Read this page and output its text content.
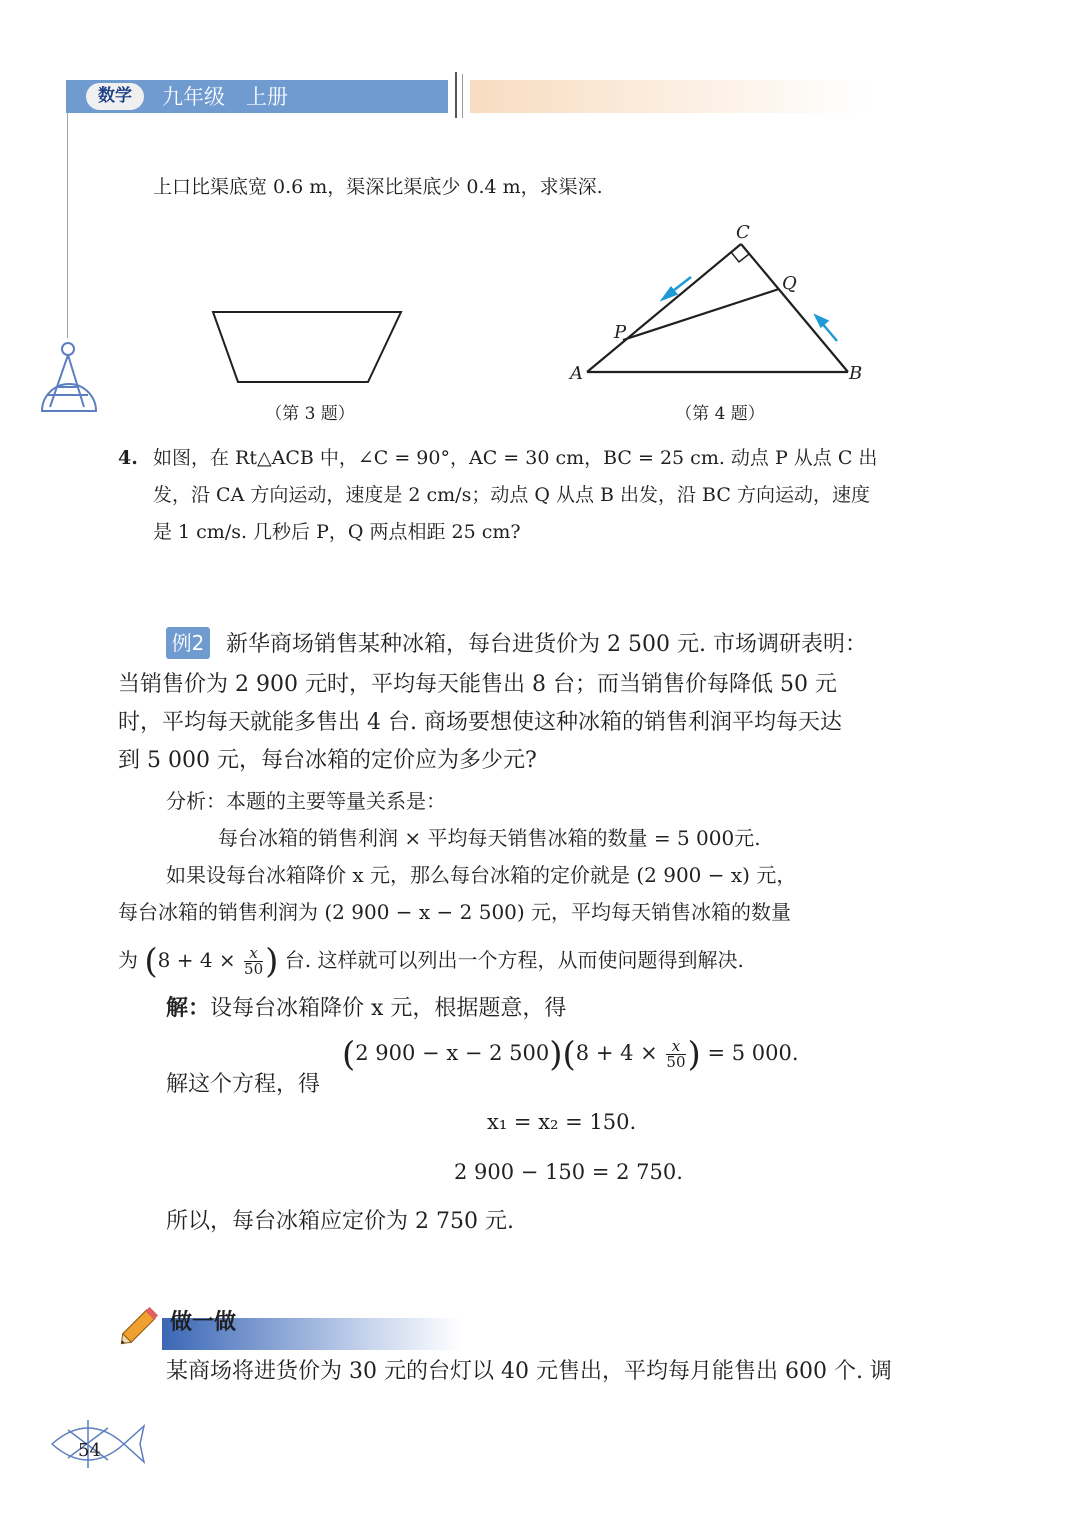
数学	九年级　上册
上口比渠底宽 0.6 m，渠深比渠底少 0.4 m，求渠深.
（第 3 题）
A	B
C
P
Q
（第 4 题）
4. 如图，在 Rt△ACB 中，∠C = 90°，AC = 30 cm，BC = 25 cm. 动点 P 从点 C 出
发，沿 CA 方向运动，速度是 2 cm/s；动点 Q 从点 B 出发，沿 BC 方向运动，速度
是 1 cm/s. 几秒后 P，Q 两点相距 25 cm?
例2 新华商场销售某种冰箱，每台进货价为 2 500 元. 市场调研表明：
当销售价为 2 900 元时，平均每天能售出 8 台；而当销售价每降低 50 元
时，平均每天就能多售出 4 台. 商场要想使这种冰箱的销售利润平均每天达
到 5 000 元，每台冰箱的定价应为多少元?
分析：本题的主要等量关系是：
每台冰箱的销售利润 × 平均每天销售冰箱的数量 = 5 000元.
如果设每台冰箱降价 x 元，那么每台冰箱的定价就是 (2 900 − x) 元，
每台冰箱的销售利润为 (2 900 − x − 2 500) 元，平均每天销售冰箱的数量
为 ($8 + 4 \times \frac{x}{50}$ ) 台. 这样就可以列出一个方程，从而使问题得到解决.
解：设每台冰箱降价 x 元，根据题意，得
(2 900 − x − 2 $500)(8 + 4 \times \frac{x}{50}$ ) = 5 000.
解这个方程，得
x₁ = x₂ = 150.
2 900 − 150 = 2 750.
所以，每台冰箱应定价为 2 750 元.
做一做
某商场将进货价为 30 元的台灯以 40 元售出，平均每月能售出 600 个. 调
54
